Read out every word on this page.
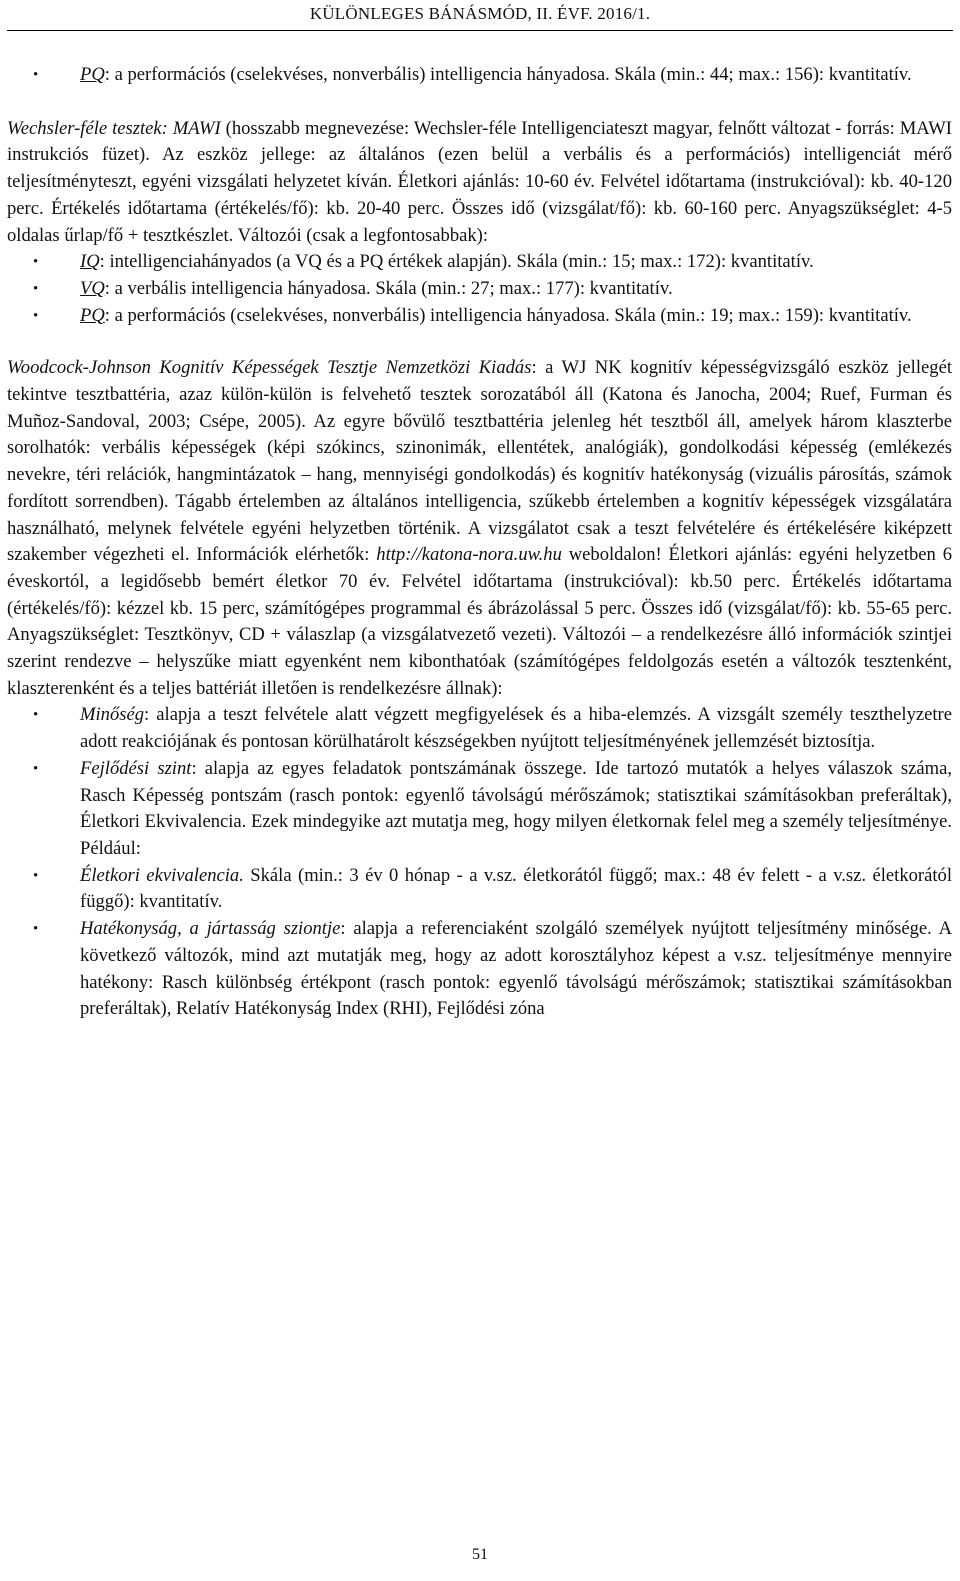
KÜLÖNLEGES BÁNÁSMÓD, II. ÉVF. 2016/1.
• PQ: a performációs (cselekvéses, nonverbális) intelligencia hányadosa. Skála (min.: 44; max.: 156): kvantitatív.

Wechsler-féle tesztek: MAWI (hosszabb megnevezése: Wechsler-féle Intelligenciateszt magyar, felnőtt változat - forrás: MAWI instrukciós füzet). Az eszköz jellege: az általános (ezen belül a verbális és a performációs) intelligenciát mérő teljesítményteszt, egyéni vizsgálati helyzetet kíván. Életkori ajánlás: 10-60 év. Felvétel időtartama (instrukcióval): kb. 40-120 perc. Értékelés időtartama (értékelés/fő): kb. 20-40 perc. Összes idő (vizsgálat/fő): kb. 60-160 perc. Anyagszükséglet: 4-5 oldalas űrlap/fő + tesztkészlet. Változói (csak a legfontosabbak):

• IQ: intelligenciahányados (a VQ és a PQ értékek alapján). Skála (min.: 15; max.: 172): kvantitatív.
• VQ: a verbális intelligencia hányadosa. Skála (min.: 27; max.: 177): kvantitatív.
• PQ: a performációs (cselekvéses, nonverbális) intelligencia hányadosa. Skála (min.: 19; max.: 159): kvantitatív.

Woodcock-Johnson Kognitív Képességek Tesztje Nemzetközi Kiadás: a WJ NK kognitív képességvizsgáló eszköz jellegét tekintve tesztbattéria, azaz külön-külön is felvehető tesztek sorozatából áll (Katona és Janocha, 2004; Ruef, Furman és Muñoz-Sandoval, 2003; Csépe, 2005). Az egyre bővülő tesztbattéria jelenleg hét tesztből áll, amelyek három klaszterbe sorolhatók: verbális képességek (képi szókincs, szinonimák, ellentétek, analógiák), gondolkodási képesség (emlékezés nevekre, téri relációk, hangmintázatok – hang, mennyiségi gondolkodás) és kognitív hatékonyság (vizuális párosítás, számok fordított sorrendben). Tágabb értelemben az általános intelligencia, szűkebb értelemben a kognitív képességek vizsgálatára használható, melynek felvétele egyéni helyzetben történik. A vizsgálatot csak a teszt felvételére és értékelésére kiképzett szakember végezheti el. Információk elérhetők: http://katona-nora.uw.hu weboldalon! Életkori ajánlás: egyéni helyzetben 6 éveskortól, a legidősebb bemért életkor 70 év. Felvétel időtartama (instrukcióval): kb.50 perc. Értékelés időtartama (értékelés/fő): kézzel kb. 15 perc, számítógépes programmal és ábrázolással 5 perc. Összes idő (vizsgálat/fő): kb. 55-65 perc. Anyagszükséglet: Tesztkönyv, CD + válaszlap (a vizsgálatvezető vezeti). Változói – a rendelkezésre álló információk szintjei szerint rendezve – helyszűke miatt egyenként nem kibonthatóak (számítógépes feldolgozás esetén a változók tesztenként, klaszterenként és a teljes battériát illetően is rendelkezésre állnak):

• Minőség: alapja a teszt felvétele alatt végzett megfigyelések és a hiba-elemzés. A vizsgált személy teszthelyzetre adott reakciójának és pontosan körülhatárolt készségekben nyújtott teljesítményének jellemzését biztosítja.
• Fejlődési szint: alapja az egyes feladatok pontszámának összege. Ide tartozó mutatók a helyes válaszok száma, Rasch Képesség pontszám (rasch pontok: egyenlő távolságú mérőszámok; statisztikai számításokban preferáltak), Életkori Ekvivalencia. Ezek mindegyike azt mutatja meg, hogy milyen életkornak felel meg a személy teljesítménye. Például:
• Életkori ekvivalencia. Skála (min.: 3 év 0 hónap - a v.sz. életkorától függő; max.: 48 év felett - a v.sz. életkorától függő): kvantitatív.
• Hatékonyság, a jártasság sziontje: alapja a referenciaként szolgáló személyek nyújtott teljesítmény minősége. A következő változók, mind azt mutatják meg, hogy az adott korosztályhoz képest a v.sz. teljesítménye mennyire hatékony: Rasch különbség értékpont (rasch pontok: egyenlő távolságú mérőszámok; statisztikai számításokban preferáltak), Relatív Hatékonyság Index (RHI), Fejlődési zóna
51
